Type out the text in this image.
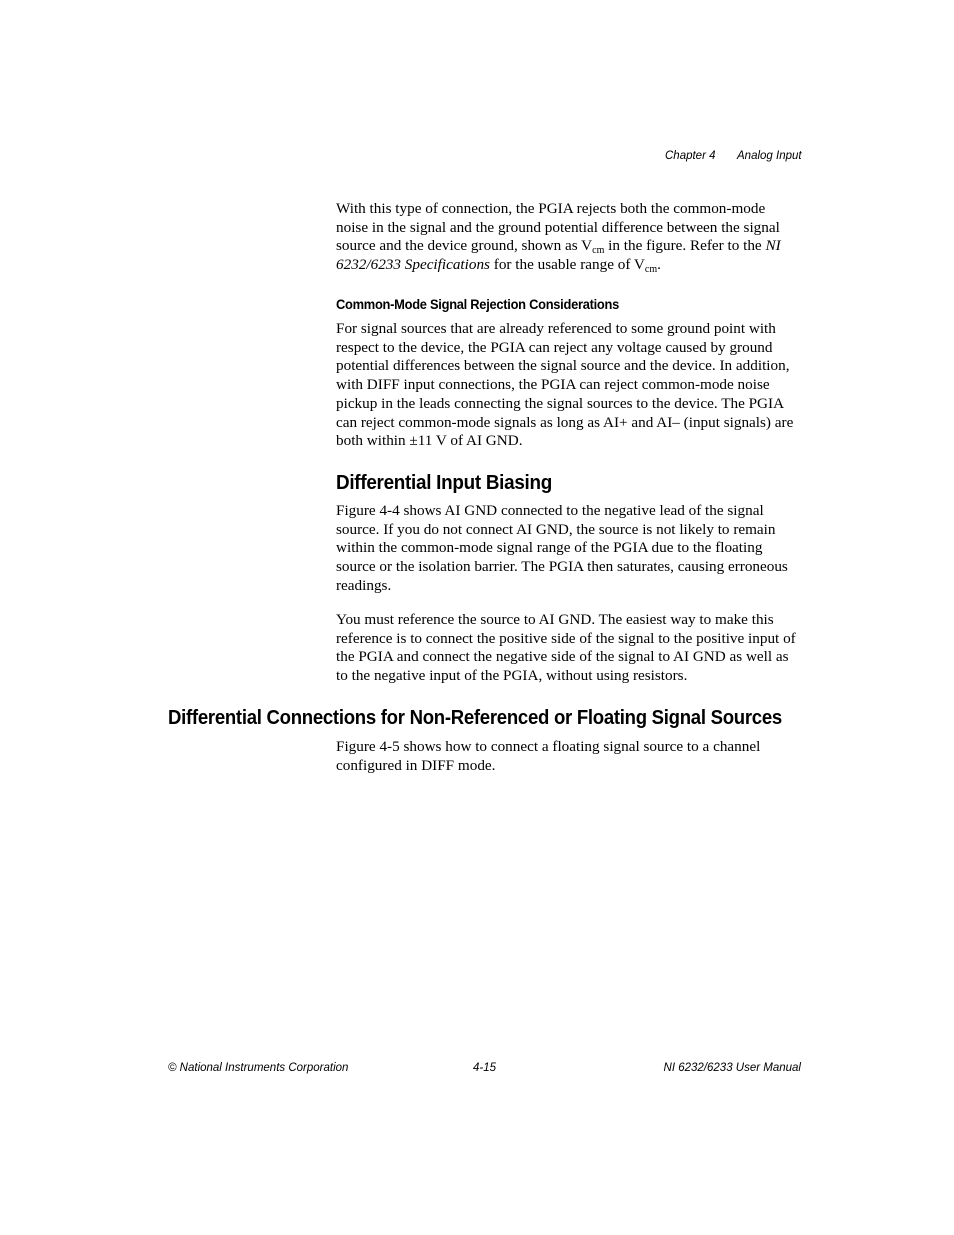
Chapter 4 Analog Input

With this type of connection, the PGIA rejects both the common-mode noise in the signal and the ground potential difference between the signal source and the device ground, shown as $V_{cm}$ in the figure. Refer to the NI 6232/6233 Specifications for the usable range of $V_{cm}$.

Common-Mode Signal Rejection Considerations

For signal sources that are already referenced to some ground point with respect to the device, the PGIA can reject any voltage caused by ground potential differences between the signal source and the device. In addition, with DIFF input connections, the PGIA can reject common-mode noise pickup in the leads connecting the signal sources to the device. The PGIA can reject common-mode signals as long as AI+ and AI– (input signals) are both within ±11 V of AI GND.

Differential Input Biasing

Figure 4-4 shows AI GND connected to the negative lead of the signal source. If you do not connect AI GND, the source is not likely to remain within the common-mode signal range of the PGIA due to the floating source or the isolation barrier. The PGIA then saturates, causing erroneous readings.

You must reference the source to AI GND. The easiest way to make this reference is to connect the positive side of the signal to the positive input of the PGIA and connect the negative side of the signal to AI GND as well as to the negative input of the PGIA, without using resistors.

Differential Connections for Non-Referenced or Floating Signal Sources

Figure 4-5 shows how to connect a floating signal source to a channel configured in DIFF mode.

© National Instruments Corporation	4-15	NI 6232/6233 User Manual
